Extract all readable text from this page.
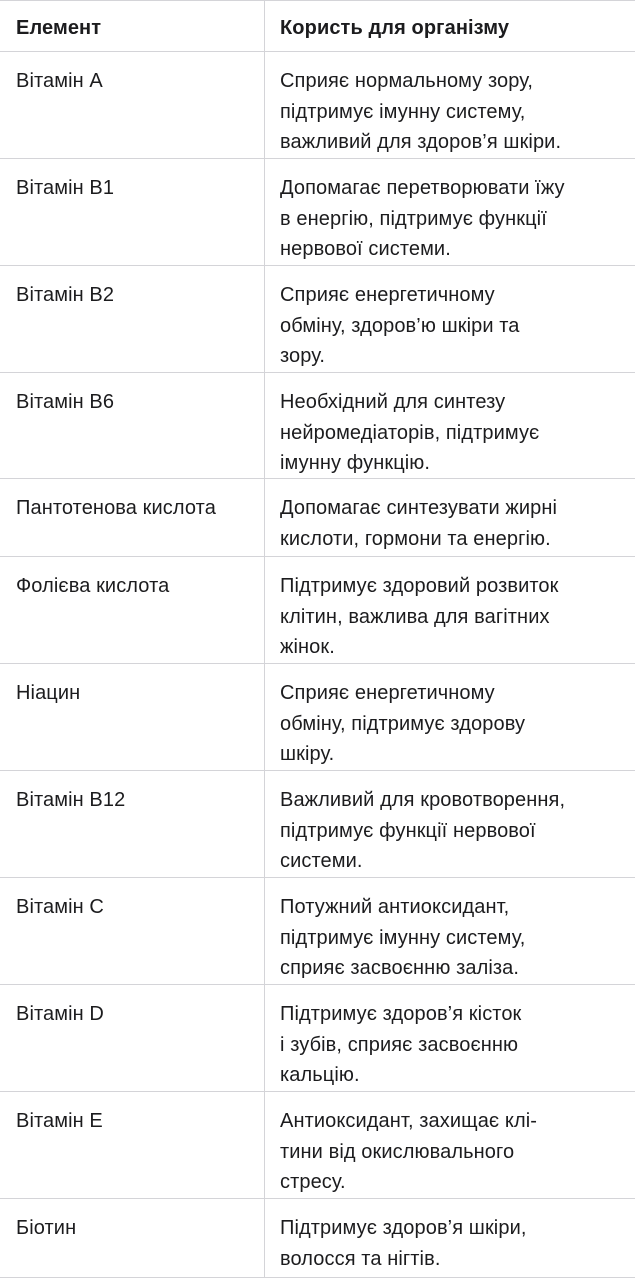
Елемент	Користь для організму
Вітамін A	Сприяє нормальному зору,
підтримує імунну систему,
важливий для здоров’я шкіри.
Вітамін B1	Допомагає перетворювати їжу
в енергію, підтримує функції
нервової системи.
Вітамін B2	Сприяє енергетичному
обміну, здоров’ю шкіри та
зору.
Вітамін B6	Необхідний для синтезу
нейромедіаторів, підтримує
імунну функцію.
Пантотенова кислота	Допомагає синтезувати жирні
кислоти, гормони та енергію.
Фолієва кислота	Підтримує здоровий розвиток
клітин, важлива для вагітних
жінок.
Ніацин	Сприяє енергетичному
обміну, підтримує здорову
шкіру.
Вітамін B12	Важливий для кровотворення,
підтримує функції нервової
системи.
Вітамін C	Потужний антиоксидант,
підтримує імунну систему,
сприяє засвоєнню заліза.
Вітамін D	Підтримує здоров’я кісток
і зубів, сприяє засвоєнню
кальцію.
Вітамін E	Антиоксидант, захищає клі-
тини від окислювального
стресу.
Біотин	Підтримує здоров’я шкіри,
волосся та нігтів.
